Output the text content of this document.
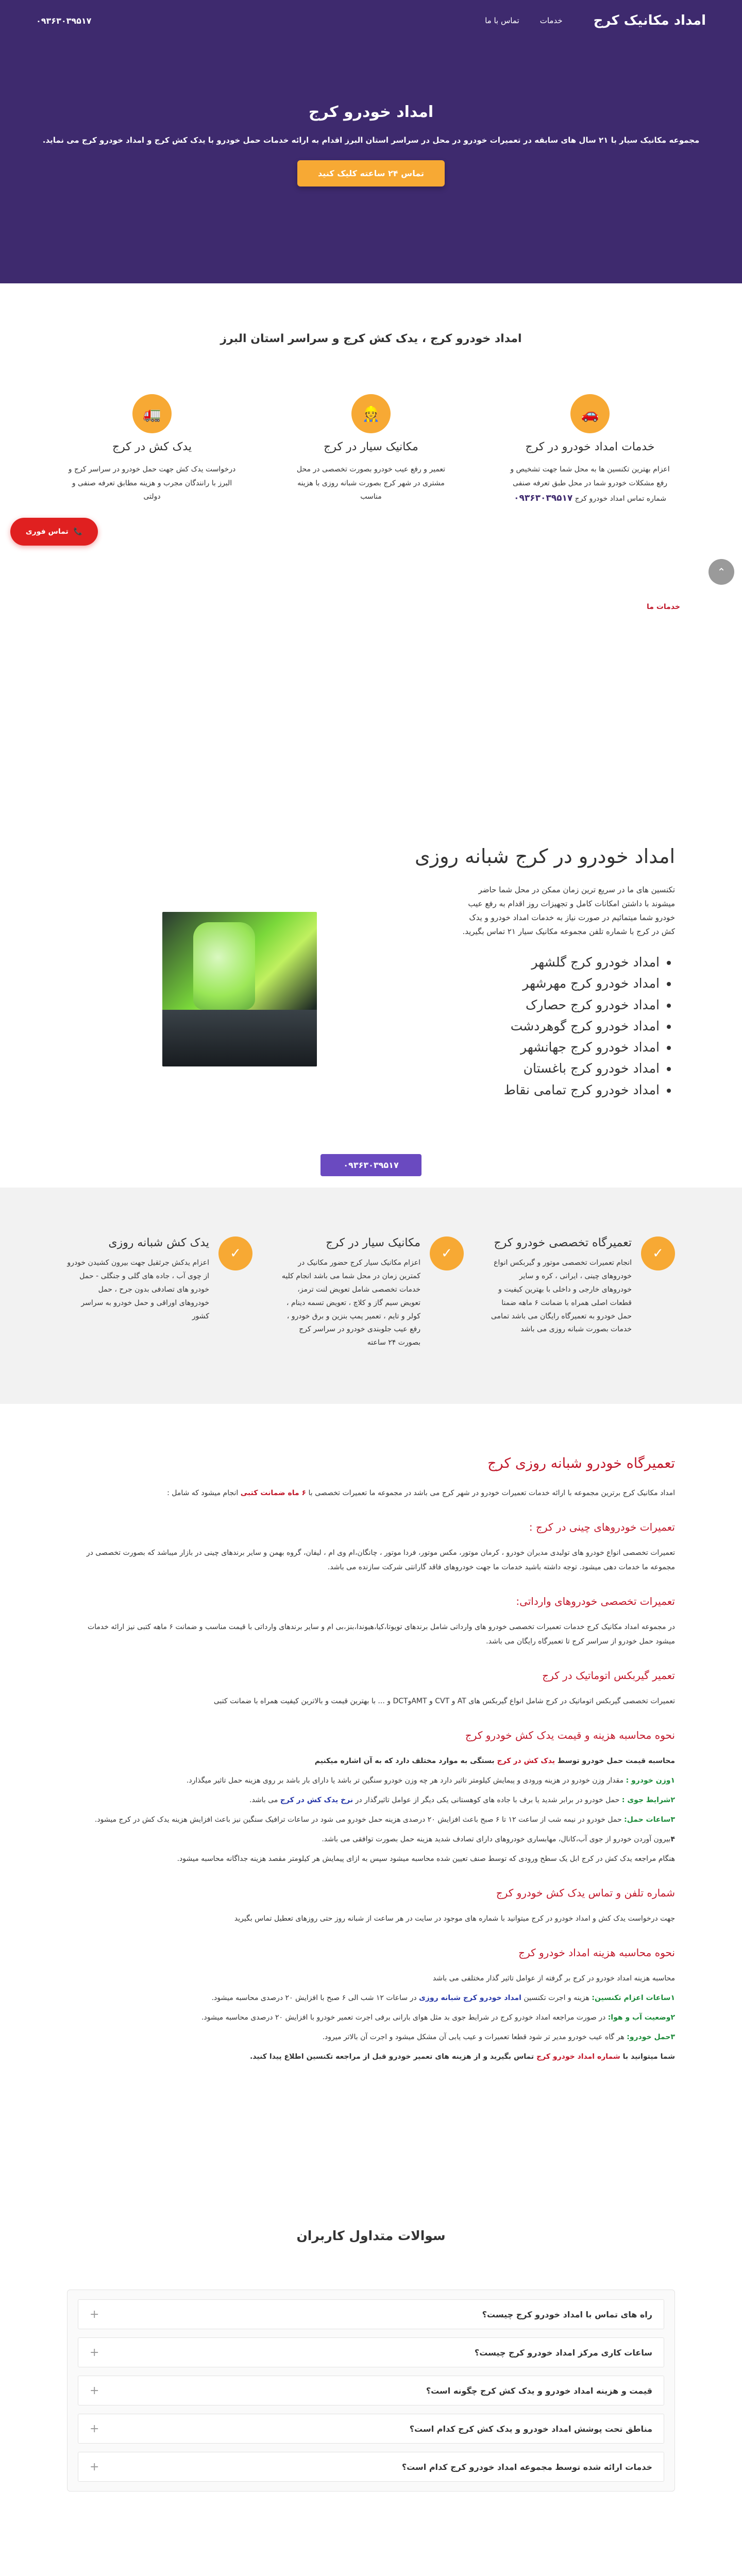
امداد مکانیک کرج
خدمات
تماس با ما
۰۹۳۶۳۰۳۹۵۱۷
امداد خودرو کرج

مجموعه مکانیک سیار با ۲۱ سال های سابقه در تعمیرات خودرو در محل در سراسر استان البرز اقدام به ارائه خدمات حمل خودرو با یدک کش کرج و امداد خودرو کرج می نماید.

تماس ۲۴ ساعته کلیک کنید
امداد خودرو کرج ، یدک کش کرج و سراسر استان البرز
🚗
خدمات امداد خودرو در کرج

اعزام بهترین تکنسین ها به محل شما جهت تشخیص و رفع مشکلات خودرو شما در محل طبق تعرفه صنفی

شماره تماس امداد خودرو کرج ۰۹۳۶۳۰۳۹۵۱۷

👷
مکانیک سیار در کرج

تعمیر و رفع عیب خودرو بصورت تخصصی در محل مشتری در شهر کرج بصورت شبانه روزی با هزینه مناسب

🚛
یدک کش در کرج

درخواست یدک کش جهت حمل خودرو در سراسر کرج و البرز با رانندگان مجرب و هزینه مطابق تعرفه صنفی و دولتی

📞
تماس فوری
⌃
خدمات ما
امداد خودرو در کرج شبانه روزی

تکنسین های ما در سریع ترین زمان ممکن در محل شما حاضر میشوند با داشتن امکانات کامل و تجهیزات روز اقدام به رفع عیب خودرو شما میتمائیم در صورت نیاز به خدمات امداد خودرو و یدک کش در کرج با شماره تلفن مجموعه مکانیک سیار ۲۱ تماس بگیرید.

• امداد خودرو کرج گلشهر
• امداد خودرو کرج مهرشهر
• امداد خودرو کرج حصارک
• امداد خودرو کرج گوهردشت
• امداد خودرو کرج جهانشهر
• امداد خودرو کرج باغستان
• امداد خودرو کرج تمامی نقاط
۰۹۳۶۳۰۳۹۵۱۷
✓
تعمیرگاه تخصصی خودرو کرج

انجام تعمیرات تخصصی موتور و گیربکس انواع خودروهای چینی ، ایرانی ، کره و سایر خودروهای خارجی و داخلی با بهترین کیفیت و قطعات اصلی همراه با ضمانت ۶ ماهه ضمنا حمل خودرو به تعمیرگاه رایگان می باشد تمامی خدمات بصورت شبانه روزی می باشد

✓
مکانیک سیار در کرج

اعزام مکانیک سیار کرج حضور مکانیک در کمترین زمان در محل شما می باشد انجام کلیه خدمات تخصصی شامل تعویض لنت ترمز، تعویض سیم گاز و کلاچ ، تعویض تسمه دینام ، کولر و تایم ، تعمیر پمپ بنزین و برق خودرو ، رفع عیب جلوبندی خودرو در سراسر کرج بصورت ۲۴ ساعته

✓
یدک کش شبانه روزی

اعزام یدکش جرثقیل جهت بیرون کشیدن خودرو از چوی آب ، جاده های گلی و جنگلی - حمل خودرو های تصادفی بدون جرح ، حمل خودروهای اوراقی و حمل خودرو به سراسر کشور

تعمیرگاه خودرو شبانه روزی کرج

امداد مکانیک کرج برترین مجموعه با ارائه خدمات تعمیرات خودرو در شهر کرج می باشد در مجموعه ما تعمیرات تخصصی با ۶ ماه ضمانت کتبی انجام میشود که شامل :

تعمیرات خودروهای چینی در کرج :

تعمیرات تخصصی انواع خودرو های تولیدی مدیران خودرو ، کرمان موتور، مکس موتور، فردا موتور ، چانگان،ام وی ام ، لیفان، گروه بهمن و سایر برندهای چینی در بازار میباشد که بصورت تخصصی در مجموعه ما خدمات دهی میشود. توجه داشته باشید خدمات ما جهت خودروهای فاقد گارانتی شرکت سازنده می باشد.

تعمیرات تخصصی خودروهای وارداتی:

در مجموعه امداد مکانیک کرج خدمات تعمیرات تخصصی خودرو های وارداتی شامل برندهای تویوتا،کیا،هیوندا،بنز،بی ام و سایر برندهای وارداتی با قیمت مناسب و ضمانت ۶ ماهه کتبی نیز ارائه خدمات میشود حمل خودرو از سراسر کرج تا تعمیرگاه رایگان می باشد.

تعمیر گیربکس اتوماتیک در کرج

تعمیرات تخصصی گیربکس اتوماتیک در کرج شامل انواع گیربکس های AT و CVT و AMTوDCT و ... با بهترین قیمت و بالاترین کیفیت همراه با ضمانت کتبی

نحوه محاسبه هزینه و قیمت یدک کش خودرو کرج

محاسبه قیمت حمل خودرو توسط یدک کش در کرج بستگی به موارد مختلف دارد که به آن اشاره میکنیم

۱وزن خودرو : مقدار وزن خودرو در هزینه ورودی و پیمایش کیلومتر تاثیر دارد هر چه وزن خودرو سنگین تر باشد یا دارای بار باشد بر روی هزینه حمل تاثیر میگذارد.

۲شرایط جوی : حمل خودرو در برابر شدید یا برف با جاده های کوهستانی یکی دیگر از عوامل تاثیرگذار در نرخ یدک کش در کرج می باشد.

۳ساعات حمل: حمل خودرو در نیمه شب از ساعت ۱۲ تا ۶ صبح باعث افزایش ۲۰ درصدی هزینه حمل خودرو می شود در ساعات ترافیک سنگین نیز باعث افزایش هزینه یدک کش در کرج میشود.

۴بیرون آوردن خودرو از جوی آب،کانال، مهابساری خودروهای دارای تصادف شدید هزینه حمل بصورت توافقی می باشد.

هنگام مراجعه یدک کش در کرج ابل یک سطح ورودی که توسط صنف تعیین شده محاسبه میشود سپس به ازای پیمایش هر کیلومتر مقصد هزینه جداگانه محاسبه میشود.

شماره تلفن و تماس یدک کش خودرو کرج

جهت درخواست یدک کش و امداد خودرو در کرج میتوانید با شماره های موجود در سایت در هر ساعت از شبانه روز حتی روزهای تعطیل تماس بگیرید

نحوه محاسبه هزینه امداد خودرو کرج

محاسبه هزینه امداد خودرو در کرج بر گرفته از عوامل تاثیر گذار مختلفی می باشد

۱ساعات اعزام تکنسین: هزینه و اجرت تکنسین امداد خودرو کرج شبانه روزی در ساعات ۱۲ شب الی ۶ صبح با افزایش ۲۰ درصدی محاسبه میشود.

۲وضعیت آب و هوا: در صورت مراجعه امداد خودرو کرج در شرایط جوی بد مثل هوای بارانی برفی اجرت تعمیر خودرو با افزایش ۲۰ درصدی محاسبه میشود.

۳حمل خودرو: هر گاه عیب خودرو مدیر تر شود قطعا تعمیرات و عیب یابی آن مشکل میشود و اجرت آن بالاتر میرود.

شما میتوانید با شماره امداد خودرو کرج تماس بگیرید و از هزینه های تعمیر خودرو قبل از مراجعه تکنسین اطلاع پیدا کنید.

سوالات متداول کاربران
راه های تماس با امداد خودرو کرج چیست؟
+
ساعات کاری مرکز امداد خودرو کرج چیست؟
+
قیمت و هزینه امداد خودرو و یدک کش کرج چگونه است؟
+
مناطق تحت پوشش امداد خودرو و یدک کش کرج کدام است؟
+
خدمات ارائه شده توسط مجموعه امداد خودرو کرج کدام است؟
+
